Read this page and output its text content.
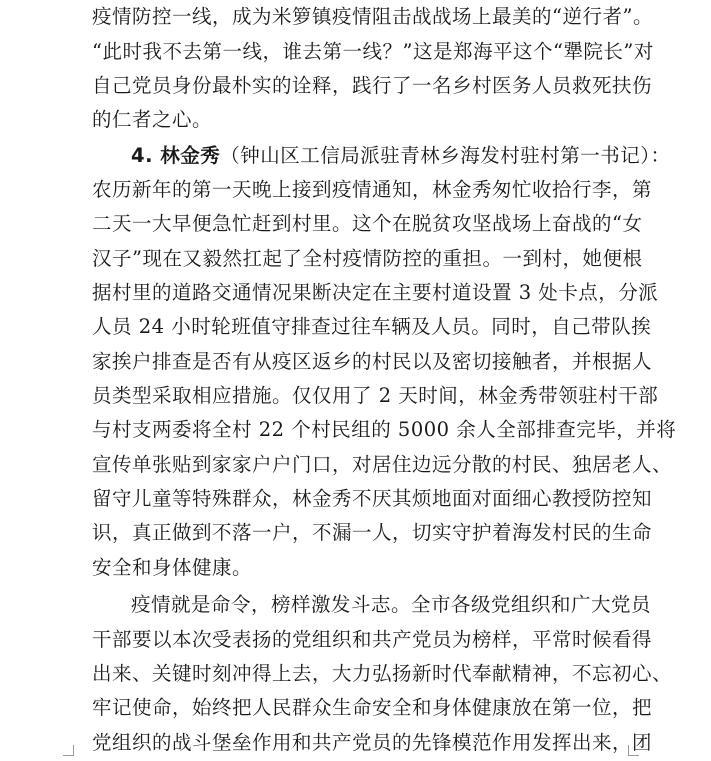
疫情防控一线，成为米箩镇疫情阻击战战场上最美的“逆行者”。
“此时我不去第一线，谁去第一线？”这是郑海平这个“犟院长”对
自己党员身份最朴实的诠释，践行了一名乡村医务人员救死扶伤
的仁者之心。
4. 林金秀（钟山区工信局派驻青林乡海发村驻村第一书记）：
农历新年的第一天晚上接到疫情通知，林金秀匆忙收拾行李，第
二天一大早便急忙赶到村里。这个在脱贫攻坚战场上奋战的“女
汉子”现在又毅然扛起了全村疫情防控的重担。一到村，她便根
据村里的道路交通情况果断决定在主要村道设置 3 处卡点，分派
人员 24 小时轮班值守排查过往车辆及人员。同时，自己带队挨
家挨户排查是否有从疫区返乡的村民以及密切接触者，并根据人
员类型采取相应措施。仅仅用了 2 天时间，林金秀带领驻村干部
与村支两委将全村 22 个村民组的 5000 余人全部排查完毕，并将
宣传单张贴到家家户户门口，对居住边远分散的村民、独居老人、
留守儿童等特殊群众，林金秀不厌其烦地面对面细心教授防控知
识，真正做到不落一户，不漏一人，切实守护着海发村民的生命
安全和身体健康。
疫情就是命令，榜样激发斗志。全市各级党组织和广大党员
干部要以本次受表扬的党组织和共产党员为榜样，平常时候看得
出来、关键时刻冲得上去，大力弘扬新时代奉献精神，不忘初心、
牢记使命，始终把人民群众生命安全和身体健康放在第一位，把
党组织的战斗堡垒作用和共产党员的先锋模范作用发挥出来，团
